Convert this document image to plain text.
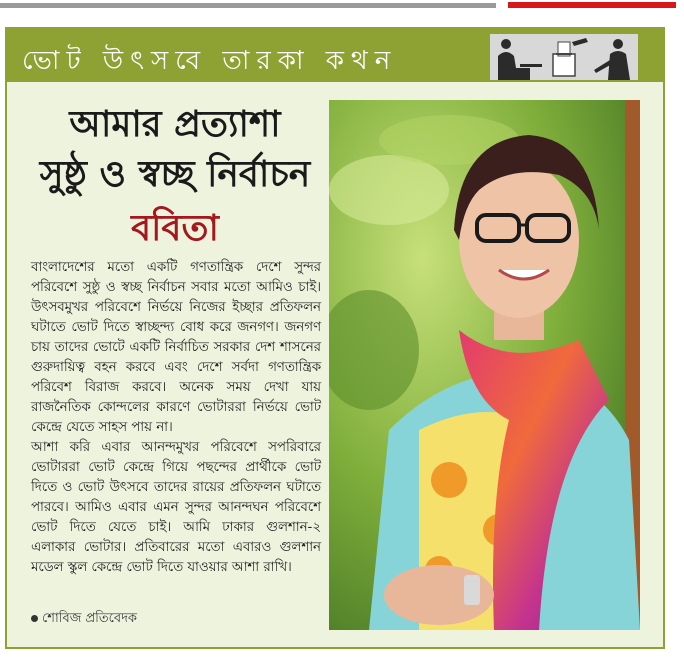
ভোট উৎসবে তারকা কথন
আমার প্রত্যাশা
সুষ্ঠু ও স্বচ্ছ নির্বাচন
ববিতা

বাংলাদেশের মতো একটি গণতান্ত্রিক দেশে সুন্দর পরিবেশে সুষ্ঠু ও স্বচ্ছ নির্বাচন সবার মতো আমিও চাই। উৎসবমুখর পরিবেশে নির্ভয়ে নিজের ইচ্ছার প্রতিফলন ঘটাতে ভোট দিতে স্বাচ্ছন্দ্য বোধ করে জনগণ। জনগণ চায় তাদের ভোটে একটি নির্বাচিত সরকার দেশ শাসনের গুরুদায়িত্ব বহন করবে এবং দেশে সর্বদা গণতান্ত্রিক পরিবেশ বিরাজ করবে। অনেক সময় দেখা যায় রাজনৈতিক কোন্দলের কারণে ভোটাররা নির্ভয়ে ভোট কেন্দ্রে যেতে সাহস পায় না।

আশা করি এবার আনন্দমুখর পরিবেশে সপরিবারে ভোটাররা ভোট কেন্দ্রে গিয়ে পছন্দের প্রার্থীকে ভোট দিতে ও ভোট উৎসবে তাদের রায়ের প্রতিফলন ঘটাতে পারবে। আমিও এবার এমন সুন্দর আনন্দঘন পরিবেশে ভোট দিতে যেতে চাই। আমি ঢাকার গুলশান-২ এলাকার ভোটার। প্রতিবারের মতো এবারও গুলশান মডেল স্কুল কেন্দ্রে ভোট দিতে যাওয়ার আশা রাখি।

শোবিজ প্রতিবেদক
